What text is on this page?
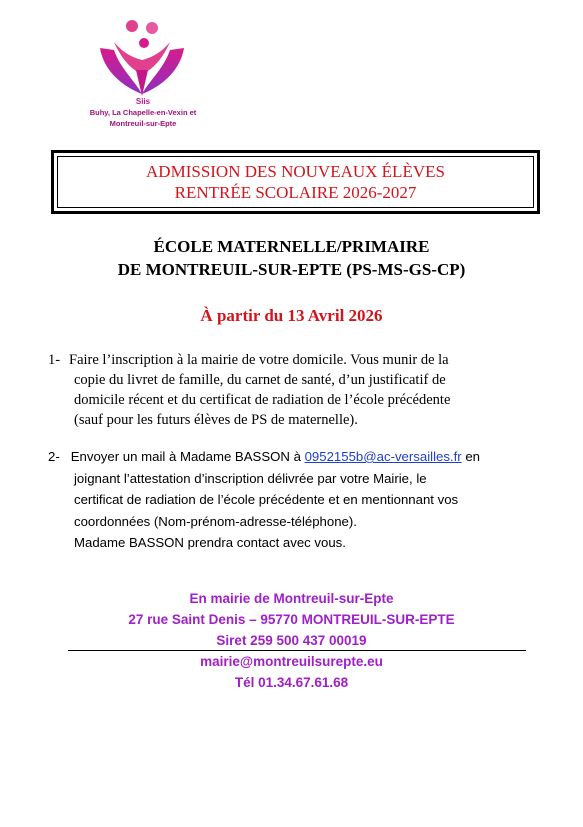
Siis
Buhy, La Chapelle-en-Vexin et
Montreuil-sur-Epte
ADMISSION DES NOUVEAUX ÉLÈVES
RENTRÉE SCOLAIRE 2026-2027
ÉCOLE MATERNELLE/PRIMAIRE
DE MONTREUIL-SUR-EPTE (PS-MS-GS-CP)
À partir du 13 Avril 2026
1- Faire l’inscription à la mairie de votre domicile. Vous munir de la
copie du livret de famille, du carnet de santé, d’un justificatif de
domicile récent et du certificat de radiation de l’école précédente
(sauf pour les futurs élèves de PS de maternelle).
2- Envoyer un mail à Madame BASSON à 0952155b@ac-versailles.fr en
joignant l’attestation d’inscription délivrée par votre Mairie, le
certificat de radiation de l’école précédente et en mentionnant vos
coordonnées (Nom-prénom-adresse-téléphone).
Madame BASSON prendra contact avec vous.
En mairie de Montreuil-sur-Epte
27 rue Saint Denis – 95770 MONTREUIL-SUR-EPTE
Siret 259 500 437 00019
mairie@montreuilsurepte.eu
Tél 01.34.67.61.68
